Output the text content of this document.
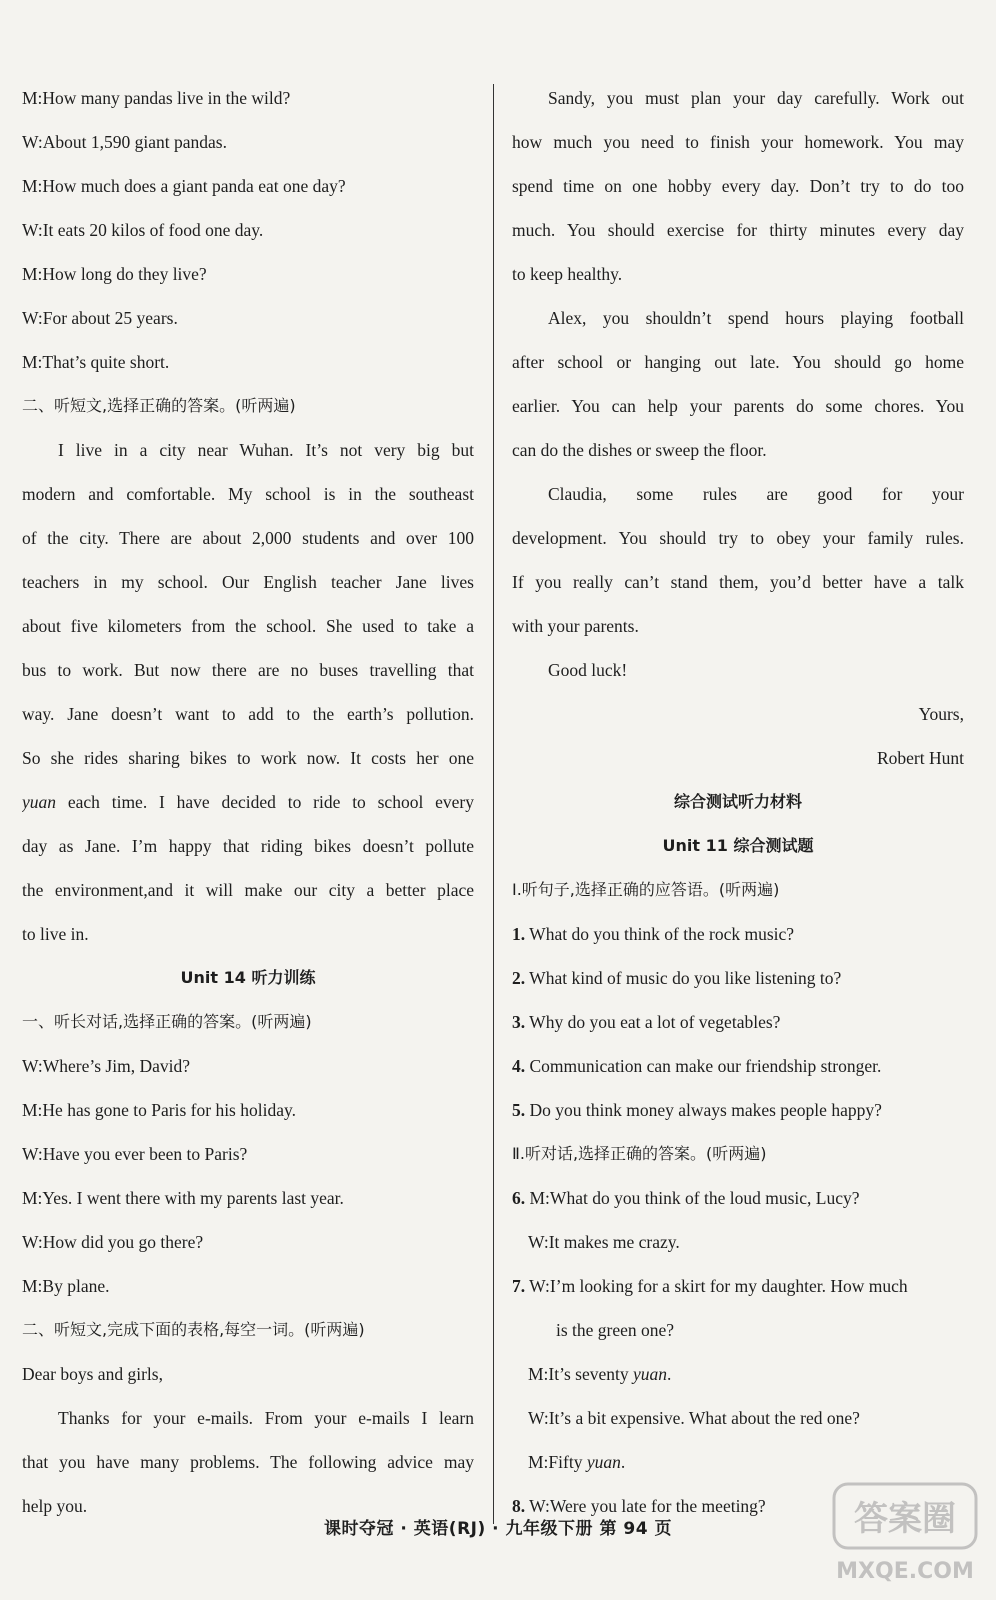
M:How many pandas live in the wild?
W:About 1,590 giant pandas.
M:How much does a giant panda eat one day?
W:It eats 20 kilos of food one day.
M:How long do they live?
W:For about 25 years.
M:That’s quite short.
二、听短文,选择正确的答案。(听两遍)
I live in a city near Wuhan. It’s not very big but
modern and comfortable. My school is in the southeast
of the city. There are about 2,000 students and over 100
teachers in my school. Our English teacher Jane lives
about five kilometers from the school. She used to take a
bus to work. But now there are no buses travelling that
way. Jane doesn’t want to add to the earth’s pollution.
So she rides sharing bikes to work now. It costs her one
yuan each time. I have decided to ride to school every
day as Jane. I’m happy that riding bikes doesn’t pollute
the environment,and it will make our city a better place
to live in.
Unit 14 听力训练
一、听长对话,选择正确的答案。(听两遍)
W:Where’s Jim, David?
M:He has gone to Paris for his holiday.
W:Have you ever been to Paris?
M:Yes. I went there with my parents last year.
W:How did you go there?
M:By plane.
二、听短文,完成下面的表格,每空一词。(听两遍)
Dear boys and girls,
Thanks for your e-mails. From your e-mails I learn
that you have many problems. The following advice may
help you.
Sandy, you must plan your day carefully. Work out
how much you need to finish your homework. You may
spend time on one hobby every day. Don’t try to do too
much. You should exercise for thirty minutes every day
to keep healthy.
Alex, you shouldn’t spend hours playing football
after school or hanging out late. You should go home
earlier. You can help your parents do some chores. You
can do the dishes or sweep the floor.
Claudia, some rules are good for your
development. You should try to obey your family rules.
If you really can’t stand them, you’d better have a talk
with your parents.
Good luck!
Yours,
Robert Hunt
综合测试听力材料
Unit 11 综合测试题
Ⅰ.听句子,选择正确的应答语。(听两遍)
1. What do you think of the rock music?
2. What kind of music do you like listening to?
3. Why do you eat a lot of vegetables?
4. Communication can make our friendship stronger.
5. Do you think money always makes people happy?
Ⅱ.听对话,选择正确的答案。(听两遍)
6. M:What do you think of the loud music, Lucy?
W:It makes me crazy.
7. W:I’m looking for a skirt for my daughter. How much
is the green one?
M:It’s seventy yuan.
W:It’s a bit expensive. What about the red one?
M:Fifty yuan.
8. W:Were you late for the meeting?
课时夺冠 · 英语(RJ) · 九年级下册 第 94 页	答案圈
MXQE.COM
